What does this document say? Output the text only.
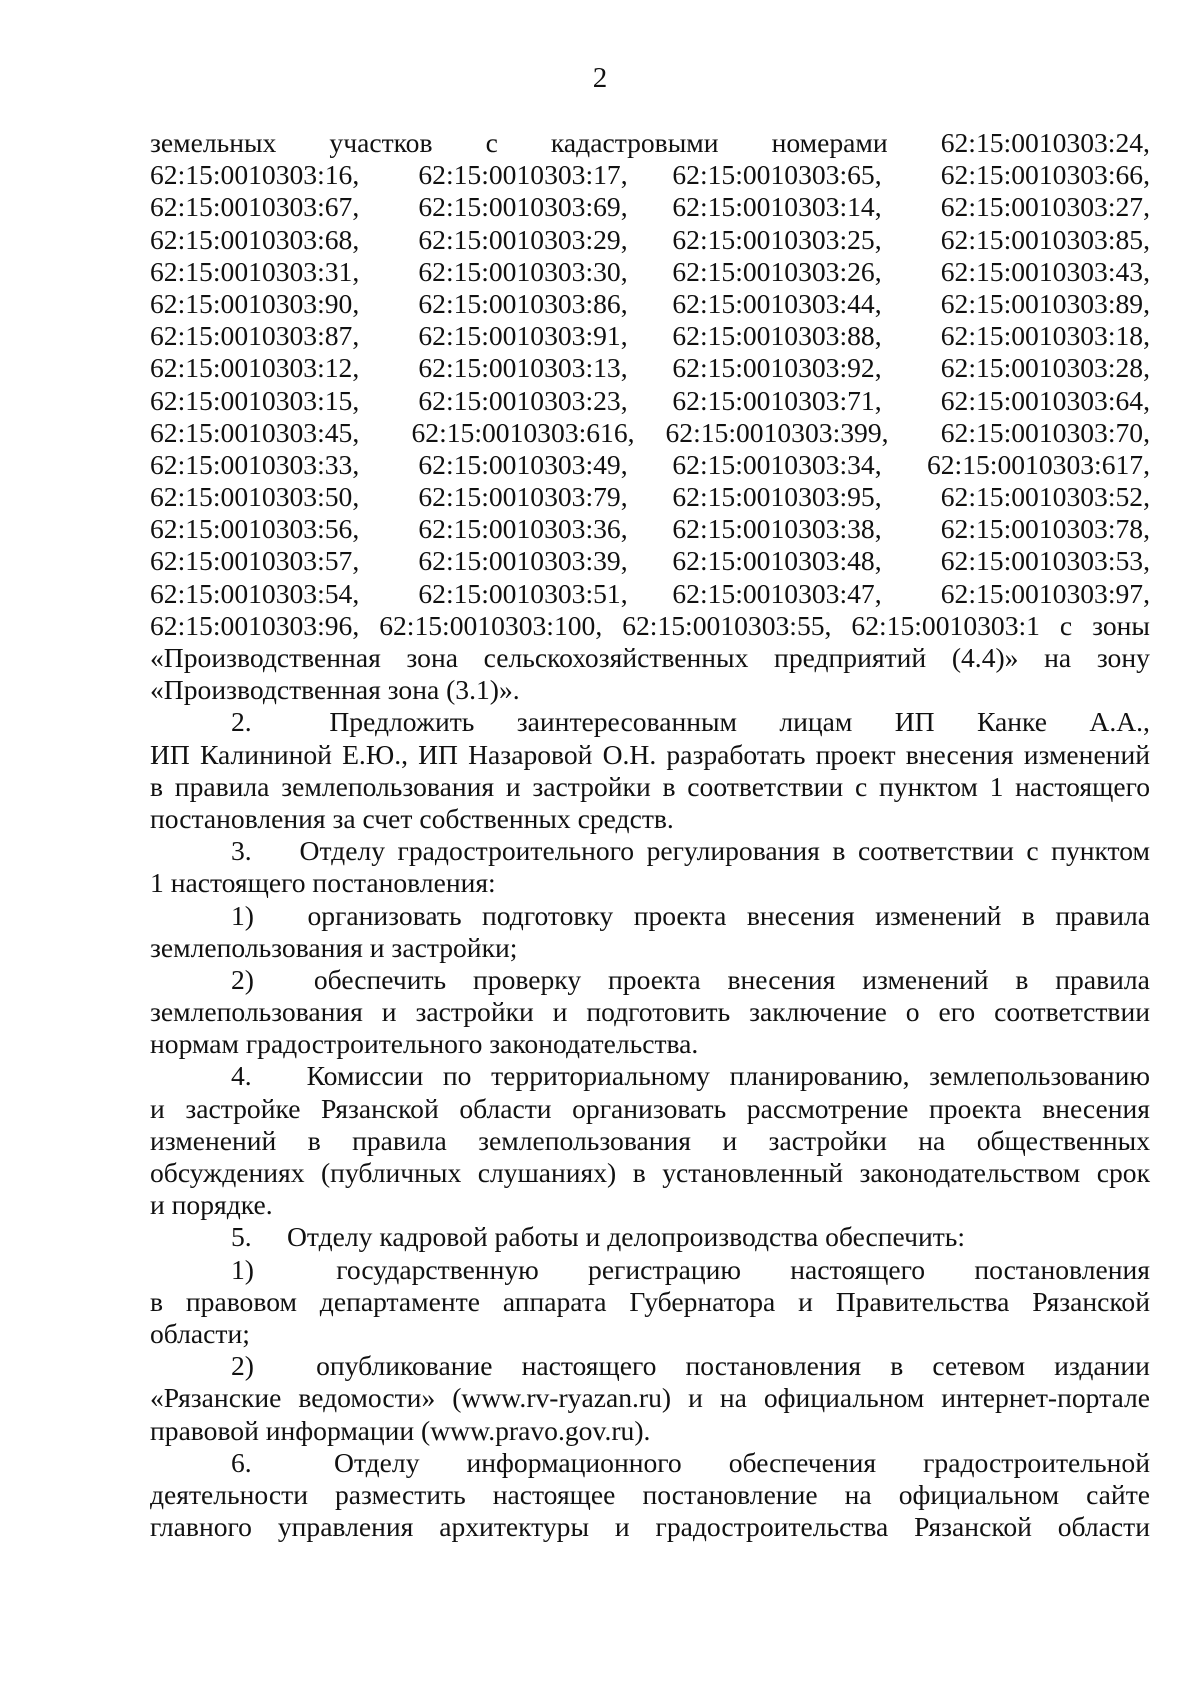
2
земельных участков с кадастровыми номерами 62:15:0010303:24,
62:15:0010303:16,	62:15:0010303:17,	62:15:0010303:65,	62:15:0010303:66,
62:15:0010303:67,	62:15:0010303:69,	62:15:0010303:14,	62:15:0010303:27,
62:15:0010303:68,	62:15:0010303:29,	62:15:0010303:25,	62:15:0010303:85,
62:15:0010303:31,	62:15:0010303:30,	62:15:0010303:26,	62:15:0010303:43,
62:15:0010303:90,	62:15:0010303:86,	62:15:0010303:44,	62:15:0010303:89,
62:15:0010303:87,	62:15:0010303:91,	62:15:0010303:88,	62:15:0010303:18,
62:15:0010303:12,	62:15:0010303:13,	62:15:0010303:92,	62:15:0010303:28,
62:15:0010303:15,	62:15:0010303:23,	62:15:0010303:71,	62:15:0010303:64,
62:15:0010303:45,	62:15:0010303:616,	62:15:0010303:399,	62:15:0010303:70,
62:15:0010303:33,	62:15:0010303:49,	62:15:0010303:34,	62:15:0010303:617,
62:15:0010303:50,	62:15:0010303:79,	62:15:0010303:95,	62:15:0010303:52,
62:15:0010303:56,	62:15:0010303:36,	62:15:0010303:38,	62:15:0010303:78,
62:15:0010303:57,	62:15:0010303:39,	62:15:0010303:48,	62:15:0010303:53,
62:15:0010303:54,	62:15:0010303:51,	62:15:0010303:47,	62:15:0010303:97,
62:15:0010303:96, 62:15:0010303:100, 62:15:0010303:55, 62:15:0010303:1 с зоны
«Производственная зона сельскохозяйственных предприятий (4.4)» на зону
«Производственная зона (3.1)».
2.	Предложить заинтересованным лицам ИП Канке А.А.,
ИП Калининой Е.Ю., ИП Назаровой О.Н. разработать проект внесения изменений
в правила землепользования и застройки в соответствии с пунктом 1 настоящего
постановления за счет собственных средств.
3.	Отделу градостроительного регулирования в соответствии с пунктом
1 настоящего постановления:
1)	организовать подготовку проекта внесения изменений в правила
землепользования и застройки;
2)	обеспечить проверку проекта внесения изменений в правила
землепользования и застройки и подготовить заключение о его соответствии
нормам градостроительного законодательства.
4.	Комиссии по территориальному планированию, землепользованию
и застройке Рязанской области организовать рассмотрение проекта внесения
изменений в правила землепользования и застройки на общественных
обсуждениях (публичных слушаниях) в установленный законодательством срок
и порядке.
5. Отделу кадровой работы и делопроизводства обеспечить:
1)	государственную регистрацию настоящего постановления
в правовом департаменте аппарата Губернатора и Правительства Рязанской
области;
2)	опубликование настоящего постановления в сетевом издании
«Рязанские ведомости» (www.rv-ryazan.ru) и на официальном интернет-портале
правовой информации (www.pravo.gov.ru).
6.	Отделу информационного обеспечения градостроительной
деятельности разместить настоящее постановление на официальном сайте
главного управления архитектуры и градостроительства Рязанской области
